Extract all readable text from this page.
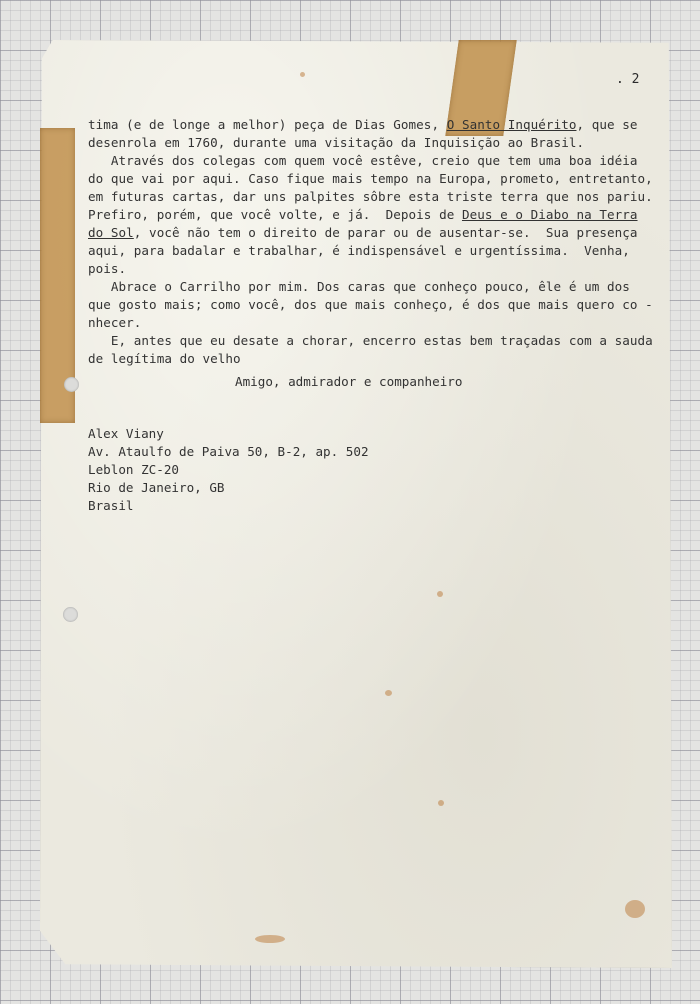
. 2
tima (e de longe a melhor) peça de Dias Gomes, O Santo Inquérito, que se
desenrola em 1760, durante uma visitação da Inquisição ao Brasil.
Através dos colegas com quem você estêve, creio que tem uma boa idéia
do que vai por aqui. Caso fique mais tempo na Europa, prometo, entretanto,
em futuras cartas, dar uns palpites sôbre esta triste terra que nos pariu.
Prefiro, porém, que você volte, e já.  Depois de Deus e o Diabo na Terra
do Sol, você não tem o direito de parar ou de ausentar-se.  Sua presença
aqui, para badalar e trabalhar, é indispensável e urgentíssima.  Venha,
pois.
Abrace o Carrilho por mim. Dos caras que conheço pouco, êle é um dos
que gosto mais; como você, dos que mais conheço, é dos que mais quero co -
nhecer.
E, antes que eu desate a chorar, encerro estas bem traçadas com a sauda
de legítima do velho
Amigo, admirador e companheiro
Alex Viany
Av. Ataulfo de Paiva 50, B-2, ap. 502
Leblon ZC-20
Rio de Janeiro, GB
Brasil
